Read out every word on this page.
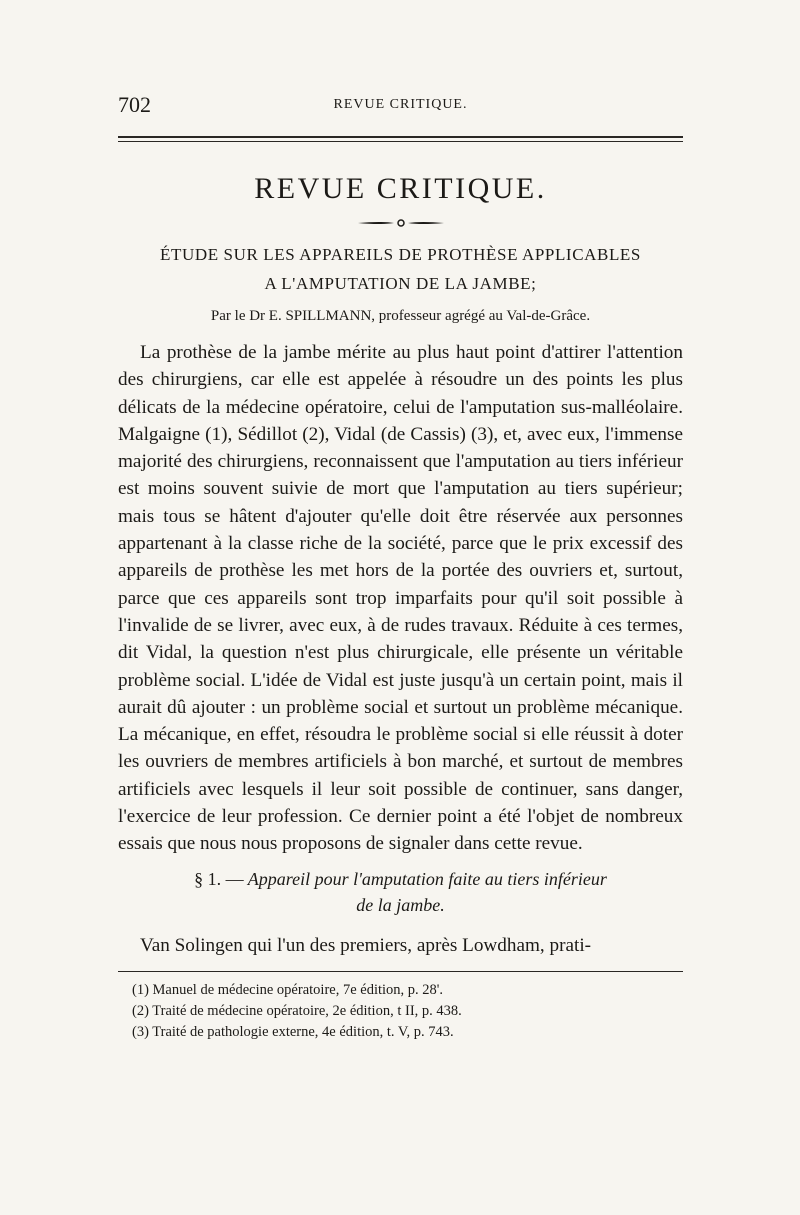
702	REVUE CRITIQUE.
REVUE CRITIQUE.
ÉTUDE SUR LES APPAREILS DE PROTHÈSE APPLICABLES
A L'AMPUTATION DE LA JAMBE;
Par le Dr E. SPILLMANN, professeur agrégé au Val-de-Grâce.

La prothèse de la jambe mérite au plus haut point d'attirer l'attention des chirurgiens, car elle est appelée à résoudre un des points les plus délicats de la médecine opératoire, celui de l'amputation sus-malléolaire. Malgaigne (1), Sédillot (2), Vidal (de Cassis) (3), et, avec eux, l'immense majorité des chirurgiens, reconnaissent que l'amputation au tiers inférieur est moins souvent suivie de mort que l'amputation au tiers supérieur; mais tous se hâtent d'ajouter qu'elle doit être réservée aux personnes appartenant à la classe riche de la société, parce que le prix excessif des appareils de prothèse les met hors de la portée des ouvriers et, surtout, parce que ces appareils sont trop imparfaits pour qu'il soit possible à l'invalide de se livrer, avec eux, à de rudes travaux. Réduite à ces termes, dit Vidal, la question n'est plus chirurgicale, elle présente un véritable problème social. L'idée de Vidal est juste jusqu'à un certain point, mais il aurait dû ajouter : un problème social et surtout un problème mécanique. La mécanique, en effet, résoudra le problème social si elle réussit à doter les ouvriers de membres artificiels à bon marché, et surtout de membres artificiels avec lesquels il leur soit possible de continuer, sans danger, l'exercice de leur profession. Ce dernier point a été l'objet de nombreux essais que nous nous proposons de signaler dans cette revue.

§ 1. — Appareil pour l'amputation faite au tiers inférieur
de la jambe.
Van Solingen qui l'un des premiers, après Lowdham, prati-
(1) Manuel de médecine opératoire, 7e édition, p. 28'.
(2) Traité de médecine opératoire, 2e édition, t II, p. 438.
(3) Traité de pathologie externe, 4e édition, t. V, p. 743.
